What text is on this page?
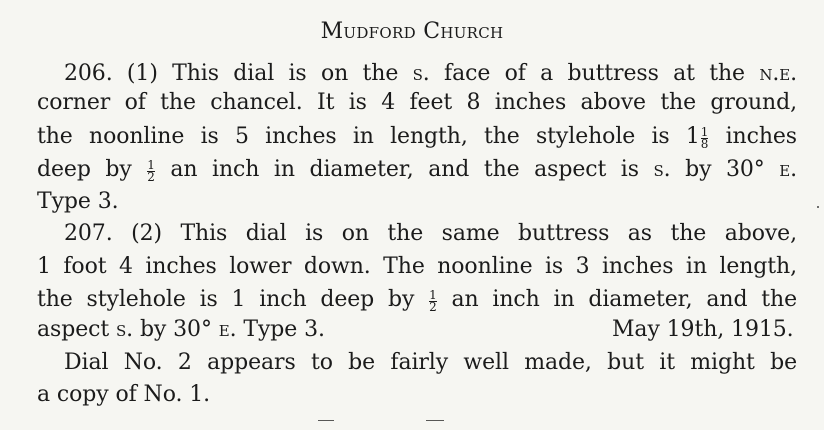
Mudford Church
206. (1) This dial is on the s. face of a buttress at the n.e.
corner of the chancel. It is 4 feet 8 inches above the ground,
the noonline is 5 inches in length, the stylehole is $1 \frac{1}{8}$ inches
deep by $\frac{1}{2}$ an inch in diameter, and the aspect is s. by 30° e.
Type 3.
207. (2) This dial is on the same buttress as the above,
1 foot 4 inches lower down. The noonline is 3 inches in length,
the stylehole is 1 inch deep by $\frac{1}{2}$ an inch in diameter, and the
aspect s. by 30° e. Type 3.	May 19th, 1915.
Dial No. 2 appears to be fairly well made, but it might be
a copy of No. 1.
